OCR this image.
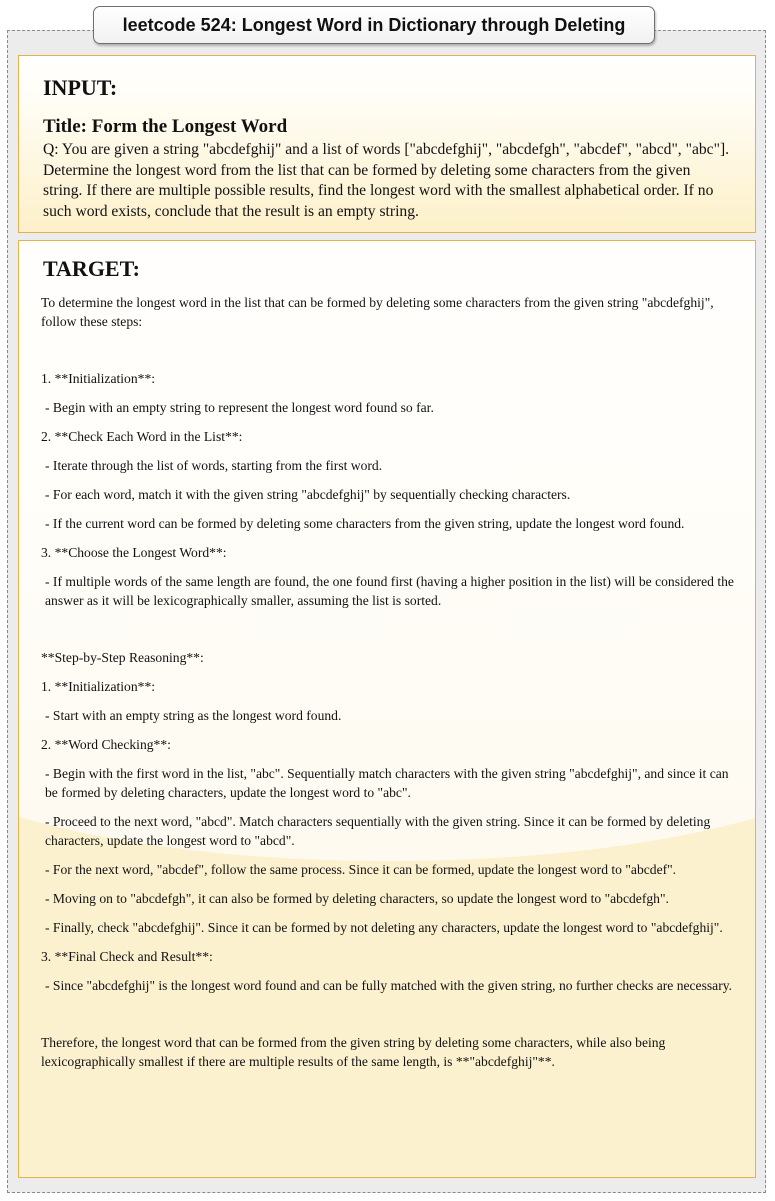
leetcode 524: Longest Word in Dictionary through Deleting
INPUT:
Title: Form the Longest Word
Q: You are given a string "abcdefghij" and a list of words ["abcdefghij", "abcdefgh", "abcdef", "abcd", "abc"]. Determine the longest word from the list that can be formed by deleting some characters from the given string. If there are multiple possible results, find the longest word with the smallest alphabetical order. If no such word exists, conclude that the result is an empty string.
TARGET:

To determine the longest word in the list that can be formed by deleting some characters from the given string "abcdefghij", follow these steps:

1. **Initialization**:

- Begin with an empty string to represent the longest word found so far.

2. **Check Each Word in the List**:

- Iterate through the list of words, starting from the first word.

- For each word, match it with the given string "abcdefghij" by sequentially checking characters.

- If the current word can be formed by deleting some characters from the given string, update the longest word found.

3. **Choose the Longest Word**:

- If multiple words of the same length are found, the one found first (having a higher position in the list) will be considered the answer as it will be lexicographically smaller, assuming the list is sorted.

**Step-by-Step Reasoning**:

1. **Initialization**:

- Start with an empty string as the longest word found.

2. **Word Checking**:

- Begin with the first word in the list, "abc". Sequentially match characters with the given string "abcdefghij", and since it can be formed by deleting characters, update the longest word to "abc".

- Proceed to the next word, "abcd". Match characters sequentially with the given string. Since it can be formed by deleting characters, update the longest word to "abcd".

- For the next word, "abcdef", follow the same process. Since it can be formed, update the longest word to "abcdef".

- Moving on to "abcdefgh", it can also be formed by deleting characters, so update the longest word to "abcdefgh".

- Finally, check "abcdefghij". Since it can be formed by not deleting any characters, update the longest word to "abcdefghij".

3. **Final Check and Result**:

- Since "abcdefghij" is the longest word found and can be fully matched with the given string, no further checks are necessary.

Therefore, the longest word that can be formed from the given string by deleting some characters, while also being lexicographically smallest if there are multiple results of the same length, is **"abcdefghij"**.
